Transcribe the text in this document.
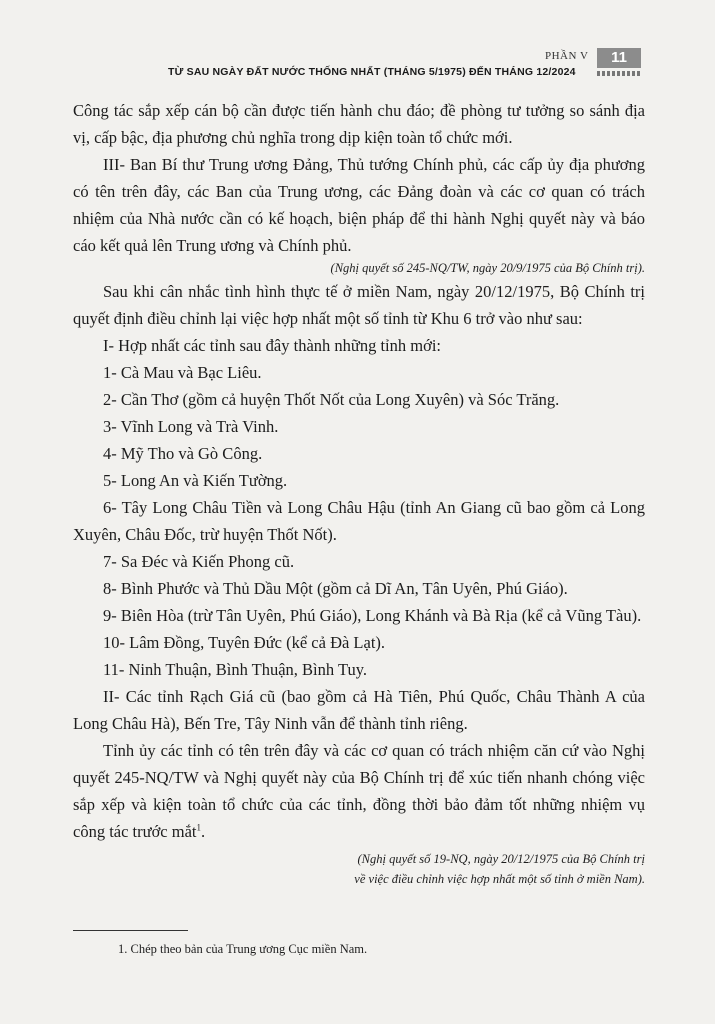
PHẦN V	11
TỪ SAU NGÀY ĐẤT NƯỚC THỐNG NHẤT (THÁNG 5/1975) ĐẾN THÁNG 12/2024

Công tác sắp xếp cán bộ cần được tiến hành chu đáo; đề phòng tư tưởng so sánh địa vị, cấp bậc, địa phương chủ nghĩa trong dịp kiện toàn tổ chức mới.

III- Ban Bí thư Trung ương Đảng, Thủ tướng Chính phủ, các cấp ủy địa phương có tên trên đây, các Ban của Trung ương, các Đảng đoàn và các cơ quan có trách nhiệm của Nhà nước cần có kế hoạch, biện pháp để thi hành Nghị quyết này và báo cáo kết quả lên Trung ương và Chính phủ.

(Nghị quyết số 245-NQ/TW, ngày 20/9/1975 của Bộ Chính trị).

Sau khi cân nhắc tình hình thực tế ở miền Nam, ngày 20/12/1975, Bộ Chính trị quyết định điều chỉnh lại việc hợp nhất một số tỉnh từ Khu 6 trở vào như sau:

I- Hợp nhất các tỉnh sau đây thành những tỉnh mới:

1- Cà Mau và Bạc Liêu.

2- Cần Thơ (gồm cả huyện Thốt Nốt của Long Xuyên) và Sóc Trăng.

3- Vĩnh Long và Trà Vinh.

4- Mỹ Tho và Gò Công.

5- Long An và Kiến Tường.

6- Tây Long Châu Tiền và Long Châu Hậu (tỉnh An Giang cũ bao gồm cả Long Xuyên, Châu Đốc, trừ huyện Thốt Nốt).

7- Sa Đéc và Kiến Phong cũ.

8- Bình Phước và Thủ Dầu Một (gồm cả Dĩ An, Tân Uyên, Phú Giáo).

9- Biên Hòa (trừ Tân Uyên, Phú Giáo), Long Khánh và Bà Rịa (kể cả Vũng Tàu).

10- Lâm Đồng, Tuyên Đức (kể cả Đà Lạt).

11- Ninh Thuận, Bình Thuận, Bình Tuy.

II- Các tỉnh Rạch Giá cũ (bao gồm cả Hà Tiên, Phú Quốc, Châu Thành A của Long Châu Hà), Bến Tre, Tây Ninh vẫn để thành tỉnh riêng.

Tỉnh ủy các tỉnh có tên trên đây và các cơ quan có trách nhiệm căn cứ vào Nghị quyết 245-NQ/TW và Nghị quyết này của Bộ Chính trị để xúc tiến nhanh chóng việc sắp xếp và kiện toàn tổ chức của các tỉnh, đồng thời bảo đảm tốt những nhiệm vụ công tác trước mắt$^1$.

(Nghị quyết số 19-NQ, ngày 20/12/1975 của Bộ Chính trị
về việc điều chỉnh việc hợp nhất một số tỉnh ở miền Nam).
1. Chép theo bản của Trung ương Cục miền Nam.
